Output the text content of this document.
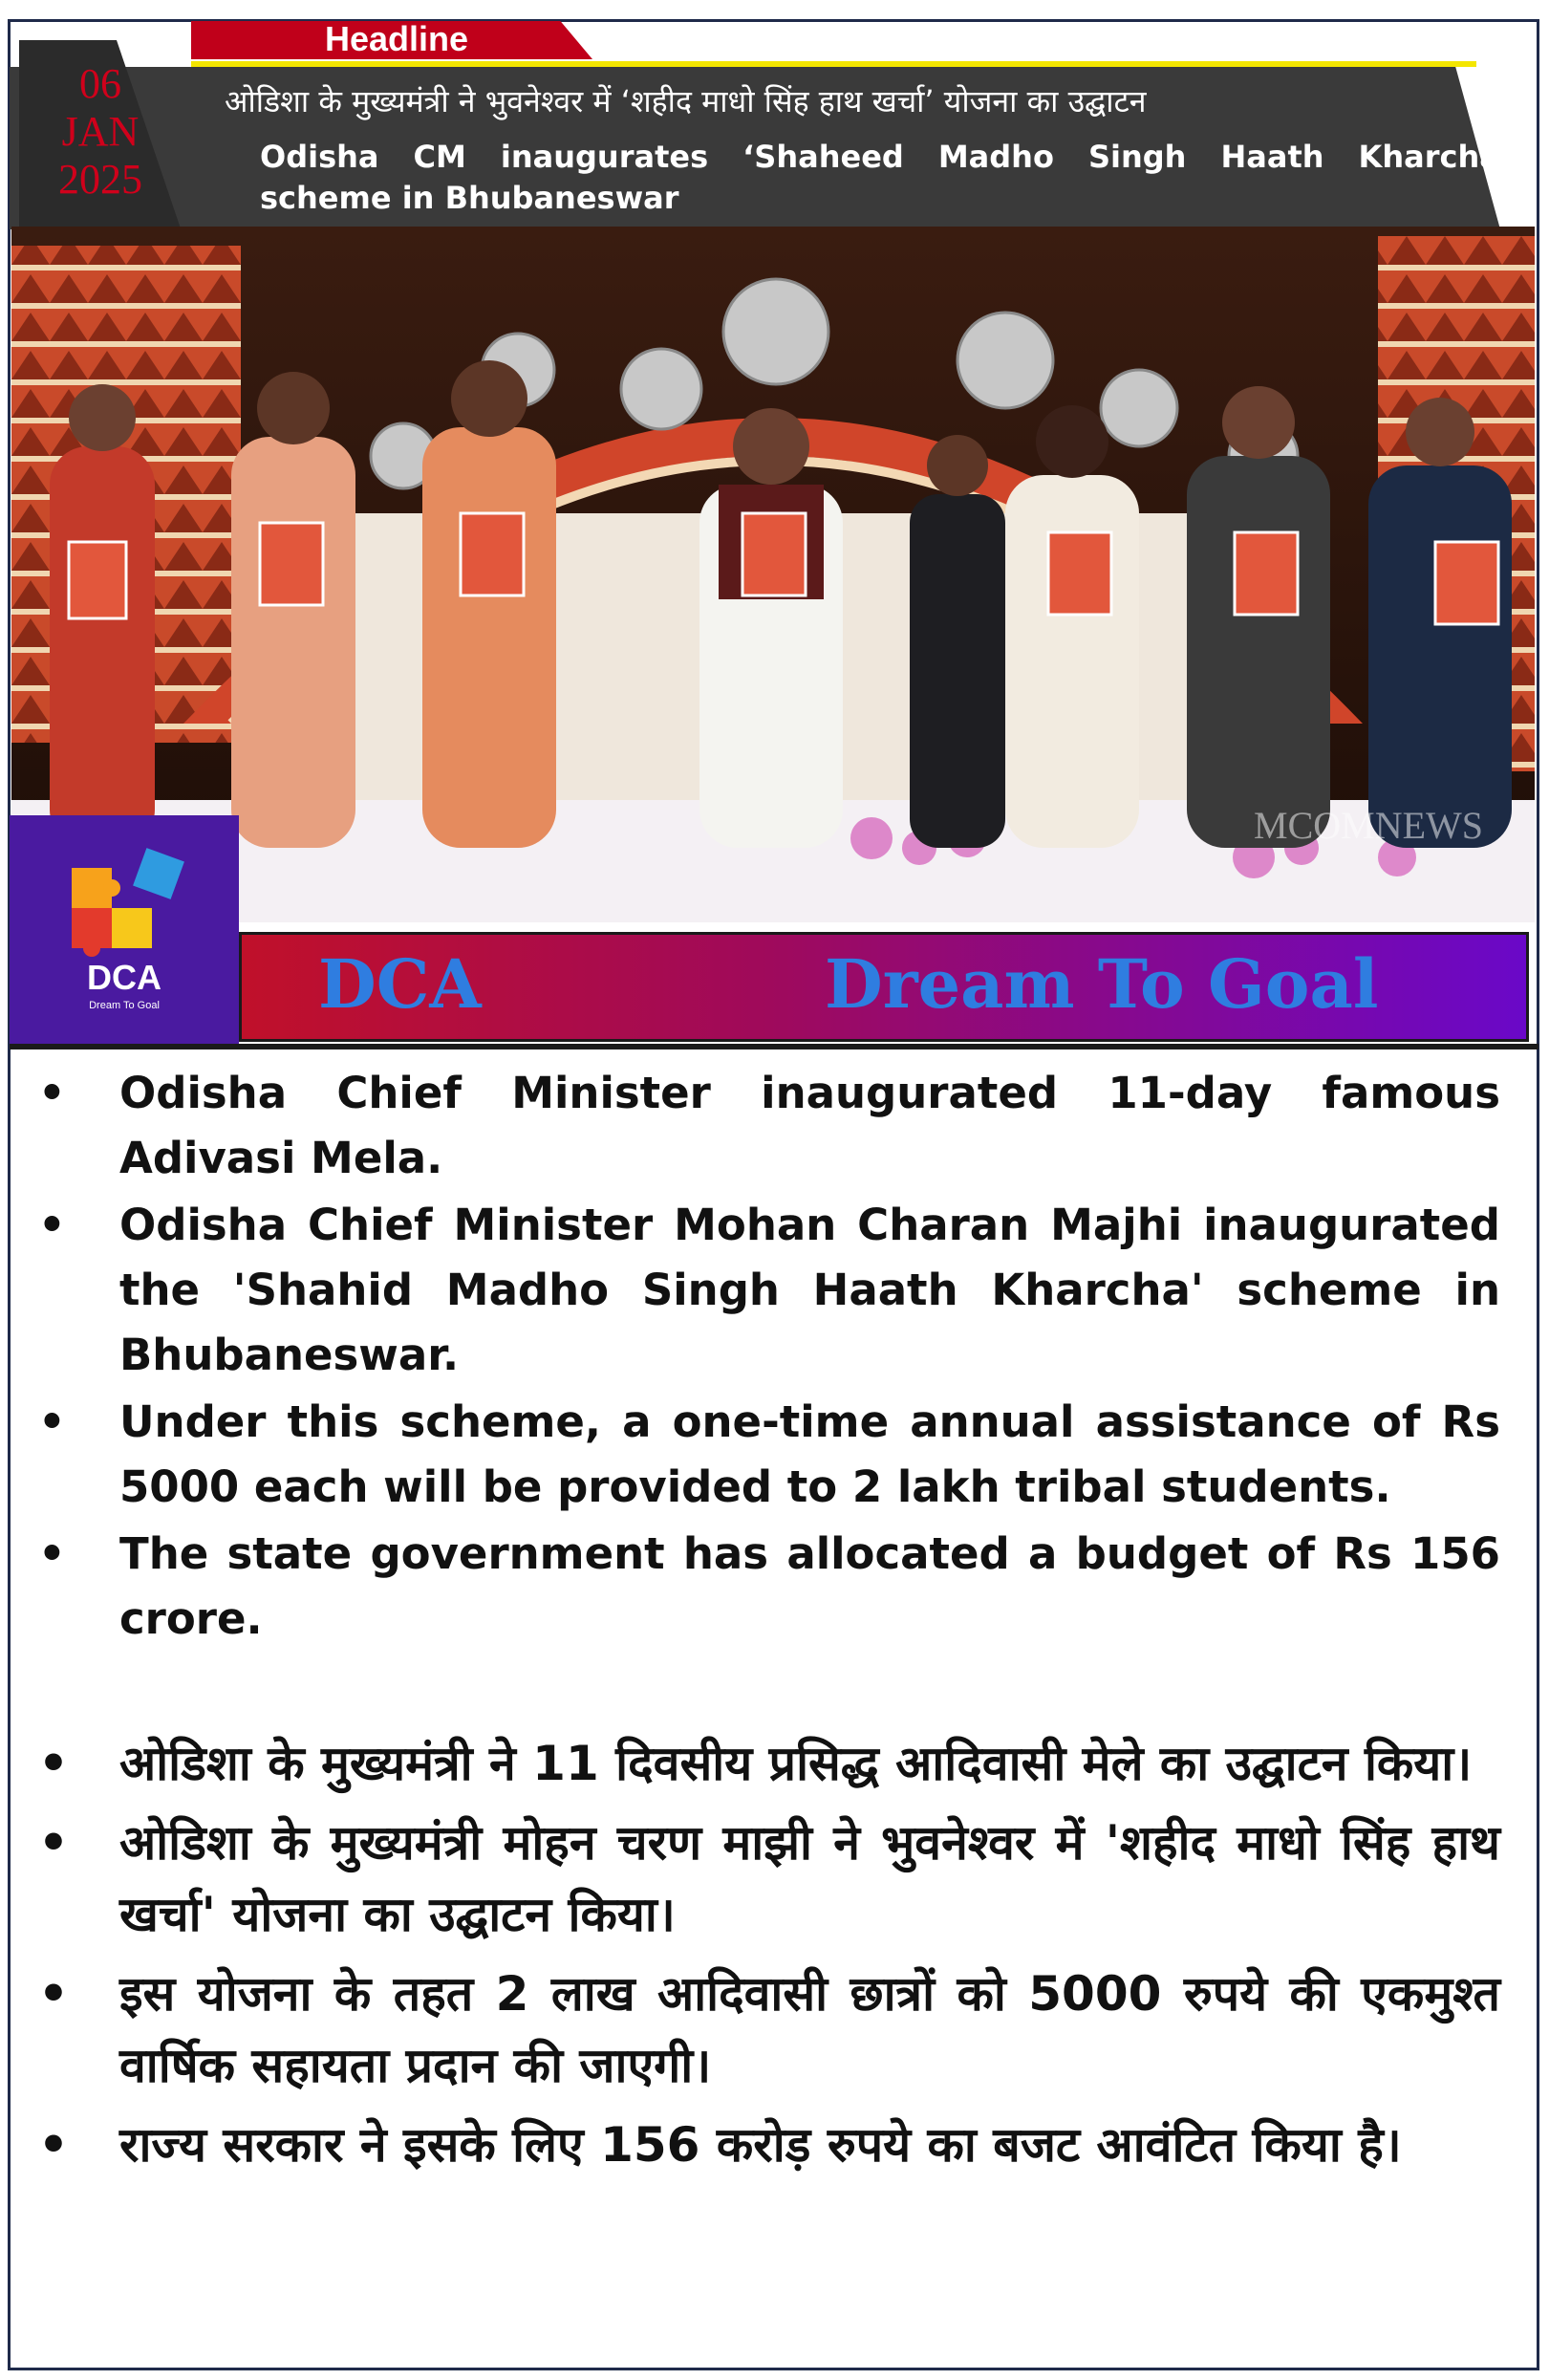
Headline
06
JAN
2025
ओडिशा के मुख्यमंत्री ने भुवनेश्वर में ‘शहीद माधो सिंह हाथ खर्चा’ योजना का उद्घाटन
Odisha CM inaugurates ‘Shaheed Madho Singh Haath Kharcha’
scheme in Bhubaneswar
MCOMNEWS
DCA
Dream To Goal DCA	Dream To Goal
• Odisha Chief Minister inaugurated 11-day famous Adivasi Mela.
• Odisha Chief Minister Mohan Charan Majhi inaugurated the 'Shahid Madho Singh Haath Kharcha' scheme in Bhubaneswar.
• Under this scheme, a one-time annual assistance of Rs 5000 each will be provided to 2 lakh tribal students.
• The state government has allocated a budget of Rs 156 crore.
• ओडिशा के मुख्यमंत्री ने 11 दिवसीय प्रसिद्ध आदिवासी मेले का उद्घाटन किया।
• ओडिशा के मुख्यमंत्री मोहन चरण माझी ने भुवनेश्वर में 'शहीद माधो सिंह हाथ खर्चा' योजना का उद्घाटन किया।
• इस योजना के तहत 2 लाख आदिवासी छात्रों को 5000 रुपये की एकमुश्त वार्षिक सहायता प्रदान की जाएगी।
• राज्य सरकार ने इसके लिए 156 करोड़ रुपये का बजट आवंटित किया है।
